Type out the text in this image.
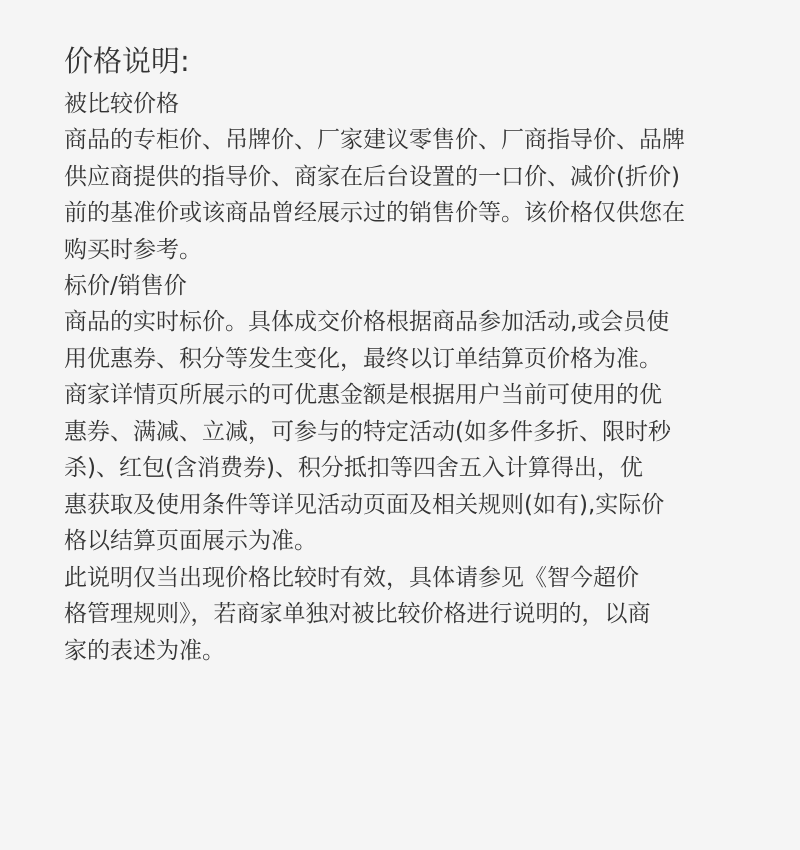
价格说明:
被比较价格
商品的专柜价、吊牌价、厂家建议零售价、厂商指导价、品牌
供应商提供的指导价、商家在后台设置的一口价、减价(折价)
前的基准价或该商品曾经展示过的销售价等。该价格仅供您在
购买时参考。
标价/销售价
商品的实时标价。具体成交价格根据商品参加活动,或会员使
用优惠券、积分等发生变化，最终以订单结算页价格为准。
商家详情页所展示的可优惠金额是根据用户当前可使用的优
惠券、满减、立减，可参与的特定活动(如多件多折、限时秒
杀)、红包(含消费券)、积分抵扣等四舍五入计算得出，优
惠获取及使用条件等详见活动页面及相关规则(如有),实际价
格以结算页面展示为准。
此说明仅当出现价格比较时有效，具体请参见《智今超价
格管理规则》，若商家单独对被比较价格进行说明的，以商
家的表述为准。
